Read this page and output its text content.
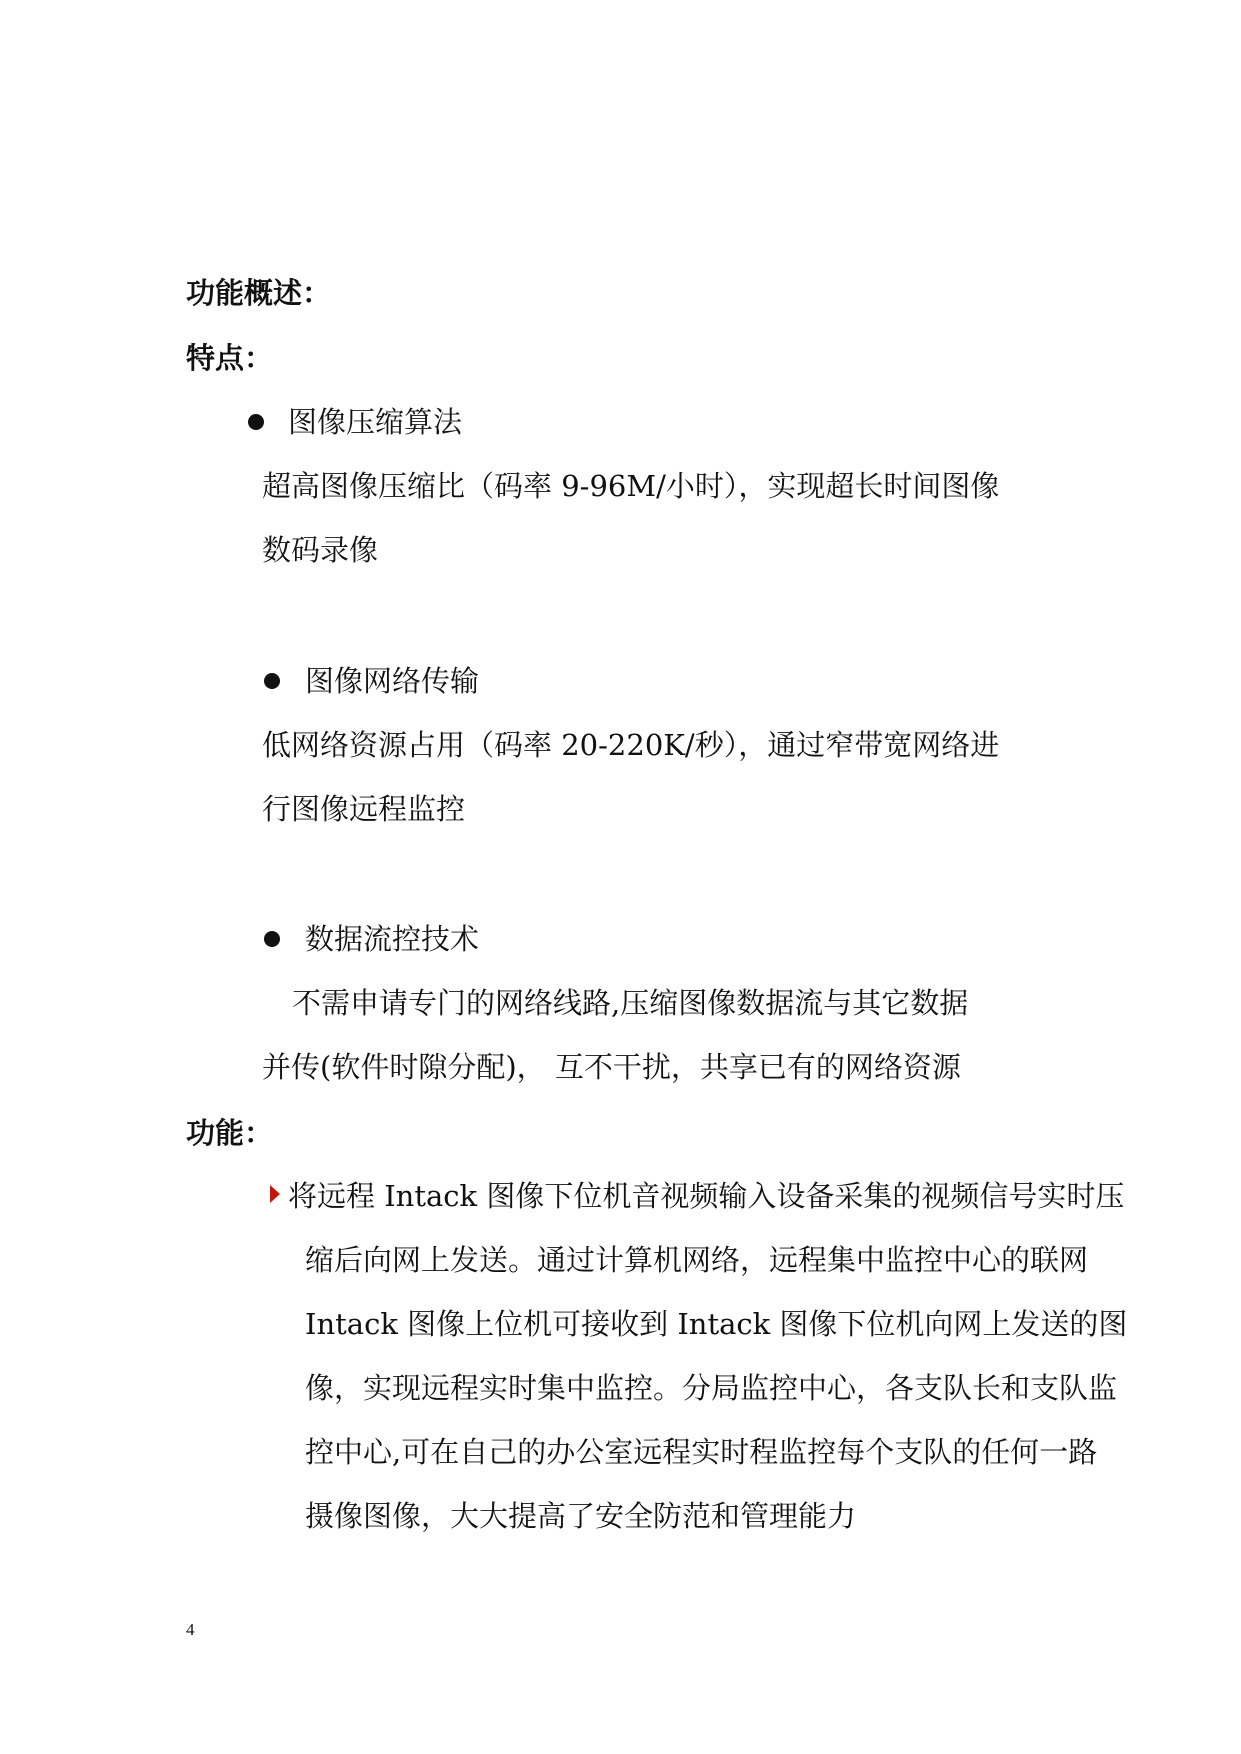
功能概述：
特点：
图像压缩算法
超高图像压缩比（码率 9-96M/小时），实现超长时间图像
数码录像
图像网络传输
低网络资源占用（码率 20-220K/秒），通过窄带宽网络进
行图像远程监控
数据流控技术
不需申请专门的网络线路,压缩图像数据流与其它数据
并传(软件时隙分配)， 互不干扰，共享已有的网络资源
功能：
将远程 Intack 图像下位机音视频输入设备采集的视频信号实时压
缩后向网上发送。通过计算机网络，远程集中监控中心的联网
Intack 图像上位机可接收到 Intack 图像下位机向网上发送的图
像，实现远程实时集中监控。分局监控中心，各支队长和支队监
控中心,可在自己的办公室远程实时程监控每个支队的任何一路
摄像图像，大大提高了安全防范和管理能力
4
